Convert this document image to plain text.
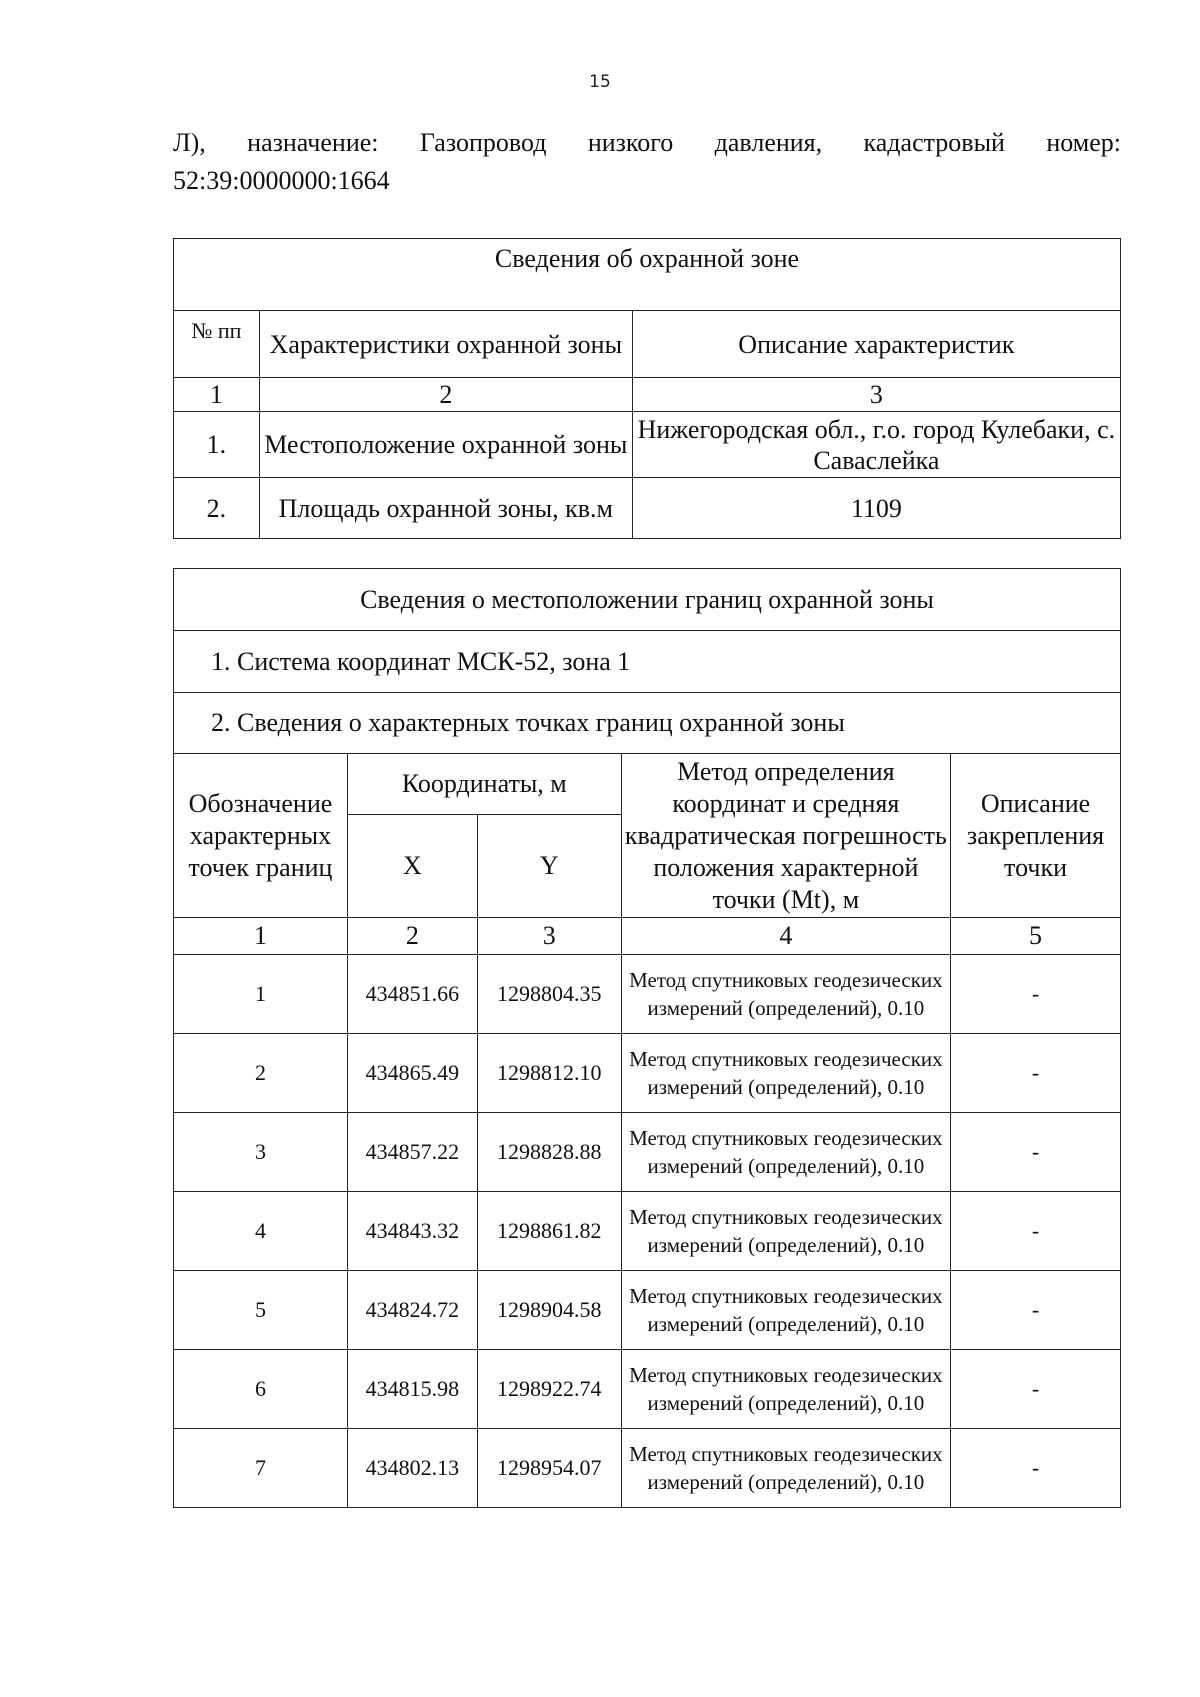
15
Л), назначение: Газопровод низкого давления, кадастровый номер:
52:39:0000000:1664
Сведения об охранной зоне		
№ пп	Характеристики охранной зоны	Описание характеристик
1	2	3
1.	Местоположение охранной зоны	Нижегородская обл., г.о. город Кулебаки, с. Саваслейка
2.	Площадь охранной зоны, кв.м	1109
Сведения о местоположении границ охранной зоны				
1. Система координат МСК-52, зона 1				
2. Сведения о характерных точках границ охранной зоны				
Обозначение характерных точек границ	Координаты, м		Метод определения координат и средняя квадратическая погрешность положения характерной точки (Mt), м	Описание закрепления точки
	X	Y		
1	2	3	4	5
1	434851.66	1298804.35	Метод спутниковых геодезических измерений (определений), 0.10	-
2	434865.49	1298812.10	Метод спутниковых геодезических измерений (определений), 0.10	-
3	434857.22	1298828.88	Метод спутниковых геодезических измерений (определений), 0.10	-
4	434843.32	1298861.82	Метод спутниковых геодезических измерений (определений), 0.10	-
5	434824.72	1298904.58	Метод спутниковых геодезических измерений (определений), 0.10	-
6	434815.98	1298922.74	Метод спутниковых геодезических измерений (определений), 0.10	-
7	434802.13	1298954.07	Метод спутниковых геодезических измерений (определений), 0.10	-
